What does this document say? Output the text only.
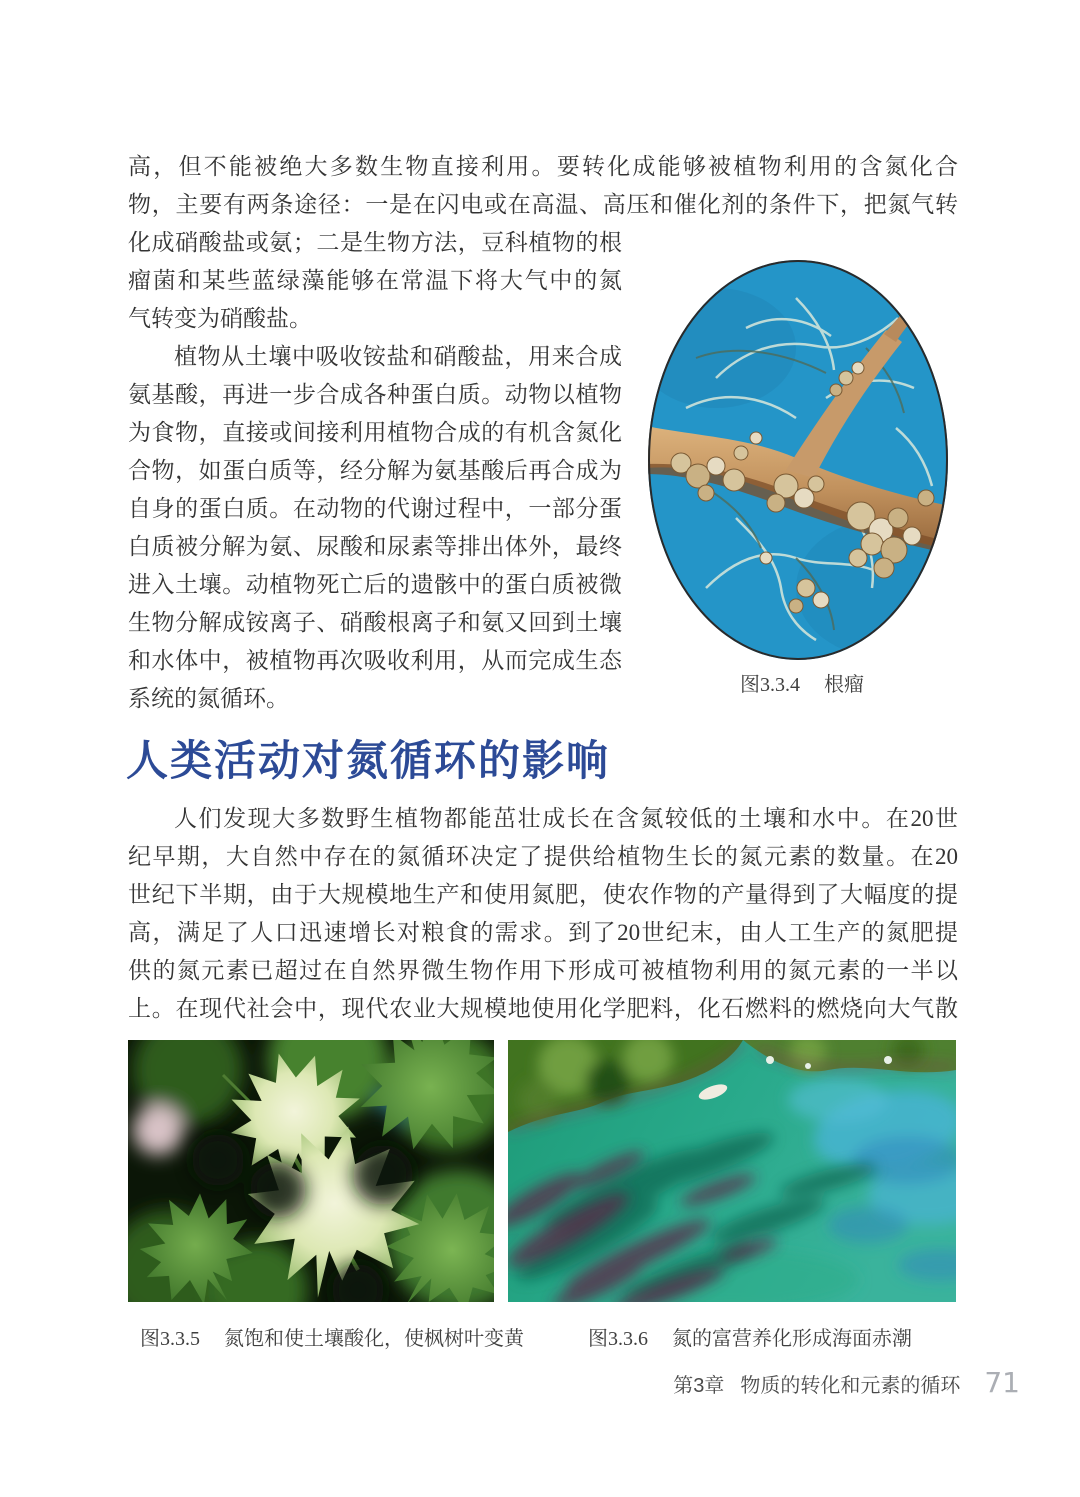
高，但不能被绝大多数生物直接利用。要转化成能够被植物利用的含氮化合
物，主要有两条途径：一是在闪电或在高温、高压和催化剂的条件下，把氮气转
化成硝酸盐或氨；二是生物方法，豆科植物的根
瘤菌和某些蓝绿藻能够在常温下将大气中的氮
气转变为硝酸盐。
植物从土壤中吸收铵盐和硝酸盐，用来合成
氨基酸，再进一步合成各种蛋白质。动物以植物
为食物，直接或间接利用植物合成的有机含氮化
合物，如蛋白质等，经分解为氨基酸后再合成为
自身的蛋白质。在动物的代谢过程中，一部分蛋
白质被分解为氨、尿酸和尿素等排出体外，最终
进入土壤。动植物死亡后的遗骸中的蛋白质被微
生物分解成铵离子、硝酸根离子和氨又回到土壤
和水体中，被植物再次吸收利用，从而完成生态
系统的氮循环。
图3.3.4 根瘤
人类活动对氮循环的影响
人们发现大多数野生植物都能茁壮成长在含氮较低的土壤和水中。在20世
纪早期，大自然中存在的氮循环决定了提供给植物生长的氮元素的数量。在20
世纪下半期，由于大规模地生产和使用氮肥，使农作物的产量得到了大幅度的提
高，满足了人口迅速增长对粮食的需求。到了20世纪末，由人工生产的氮肥提
供的氮元素已超过在自然界微生物作用下形成可被植物利用的氮元素的一半以
上。在现代社会中，现代农业大规模地使用化学肥料，化石燃料的燃烧向大气散
图3.3.5 氮饱和使土壤酸化，使枫树叶变黄	图3.3.6 氮的富营养化形成海面赤潮
第3章 物质的转化和元素的循环 71
